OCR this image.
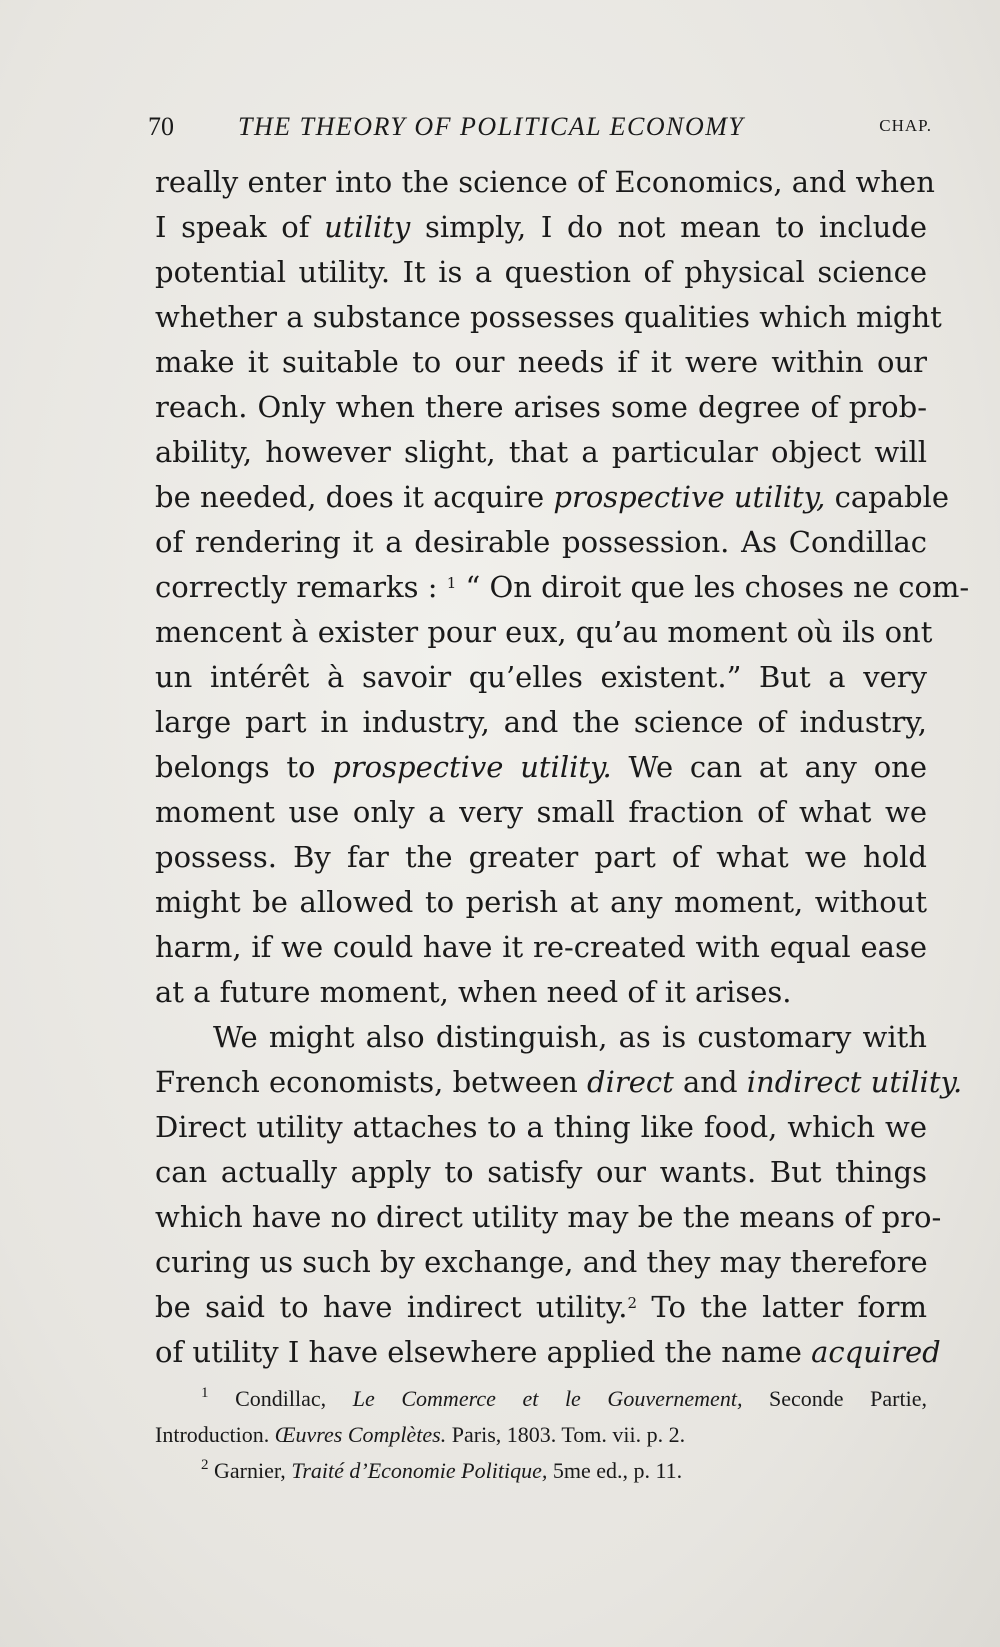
70 THE THEORY OF POLITICAL ECONOMY	CHAP.
really enter into the science of Economics, and when
I speak of utility simply, I do not mean to include
potential utility. It is a question of physical science
whether a substance possesses qualities which might
make it suitable to our needs if it were within our
reach. Only when there arises some degree of prob-
ability, however slight, that a particular object will
be needed, does it acquire prospective utility, capable
of rendering it a desirable possession. As Condillac
correctly remarks : $^1$ “ On diroit que les choses ne com-
mencent à exister pour eux, qu’au moment où ils ont
un intérêt à savoir qu’elles existent.” But a very
large part in industry, and the science of industry,
belongs to prospective utility. We can at any one
moment use only a very small fraction of what we
possess. By far the greater part of what we hold
might be allowed to perish at any moment, without
harm, if we could have it re-created with equal ease
at a future moment, when need of it arises.
We might also distinguish, as is customary with
French economists, between direct and indirect utility.
Direct utility attaches to a thing like food, which we
can actually apply to satisfy our wants. But things
which have no direct utility may be the means of pro-
curing us such by exchange, and they may therefore
be said to have indirect utility.$^2$ To the latter form
of utility I have elsewhere applied the name acquired
$^1$ Condillac, Le Commerce et le Gouvernement, Seconde Partie,
Introduction. Œuvres Complètes. Paris, 1803. Tom. vii. p. 2.
$^2$ Garnier, Traité d’Economie Politique, 5me ed., p. 11.
